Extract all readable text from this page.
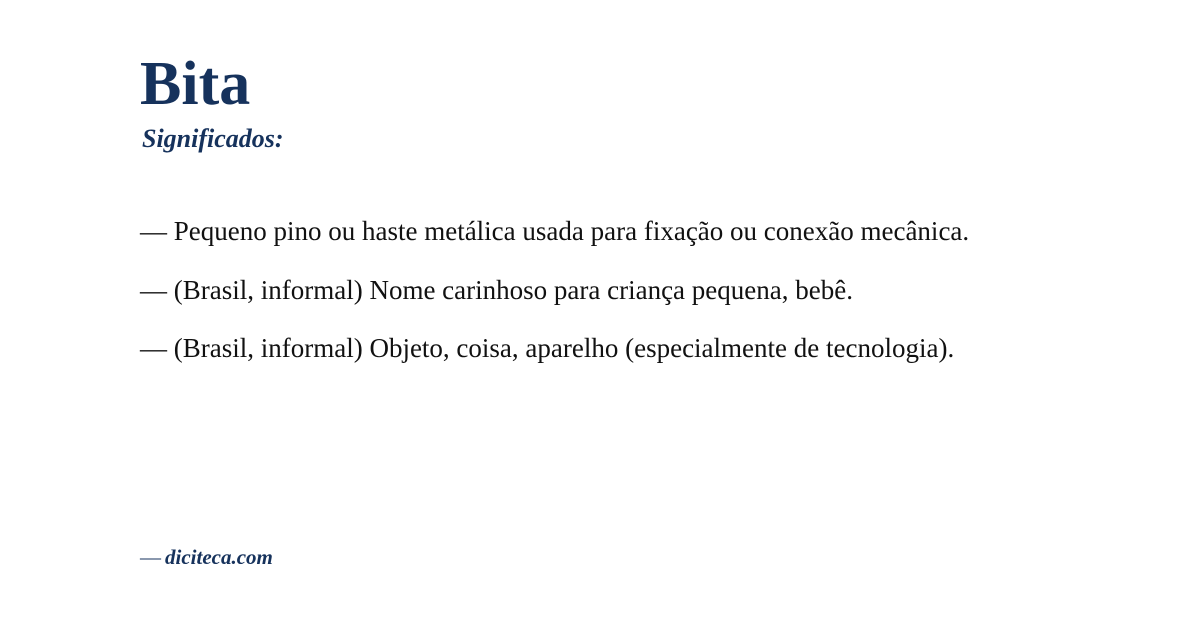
Bita
Significados:

— Pequeno pino ou haste metálica usada para fixação ou conexão mecânica.

— (Brasil, informal) Nome carinhoso para criança pequena, bebê.

— (Brasil, informal) Objeto, coisa, aparelho (especialmente de tecnologia).

— diciteca.com
